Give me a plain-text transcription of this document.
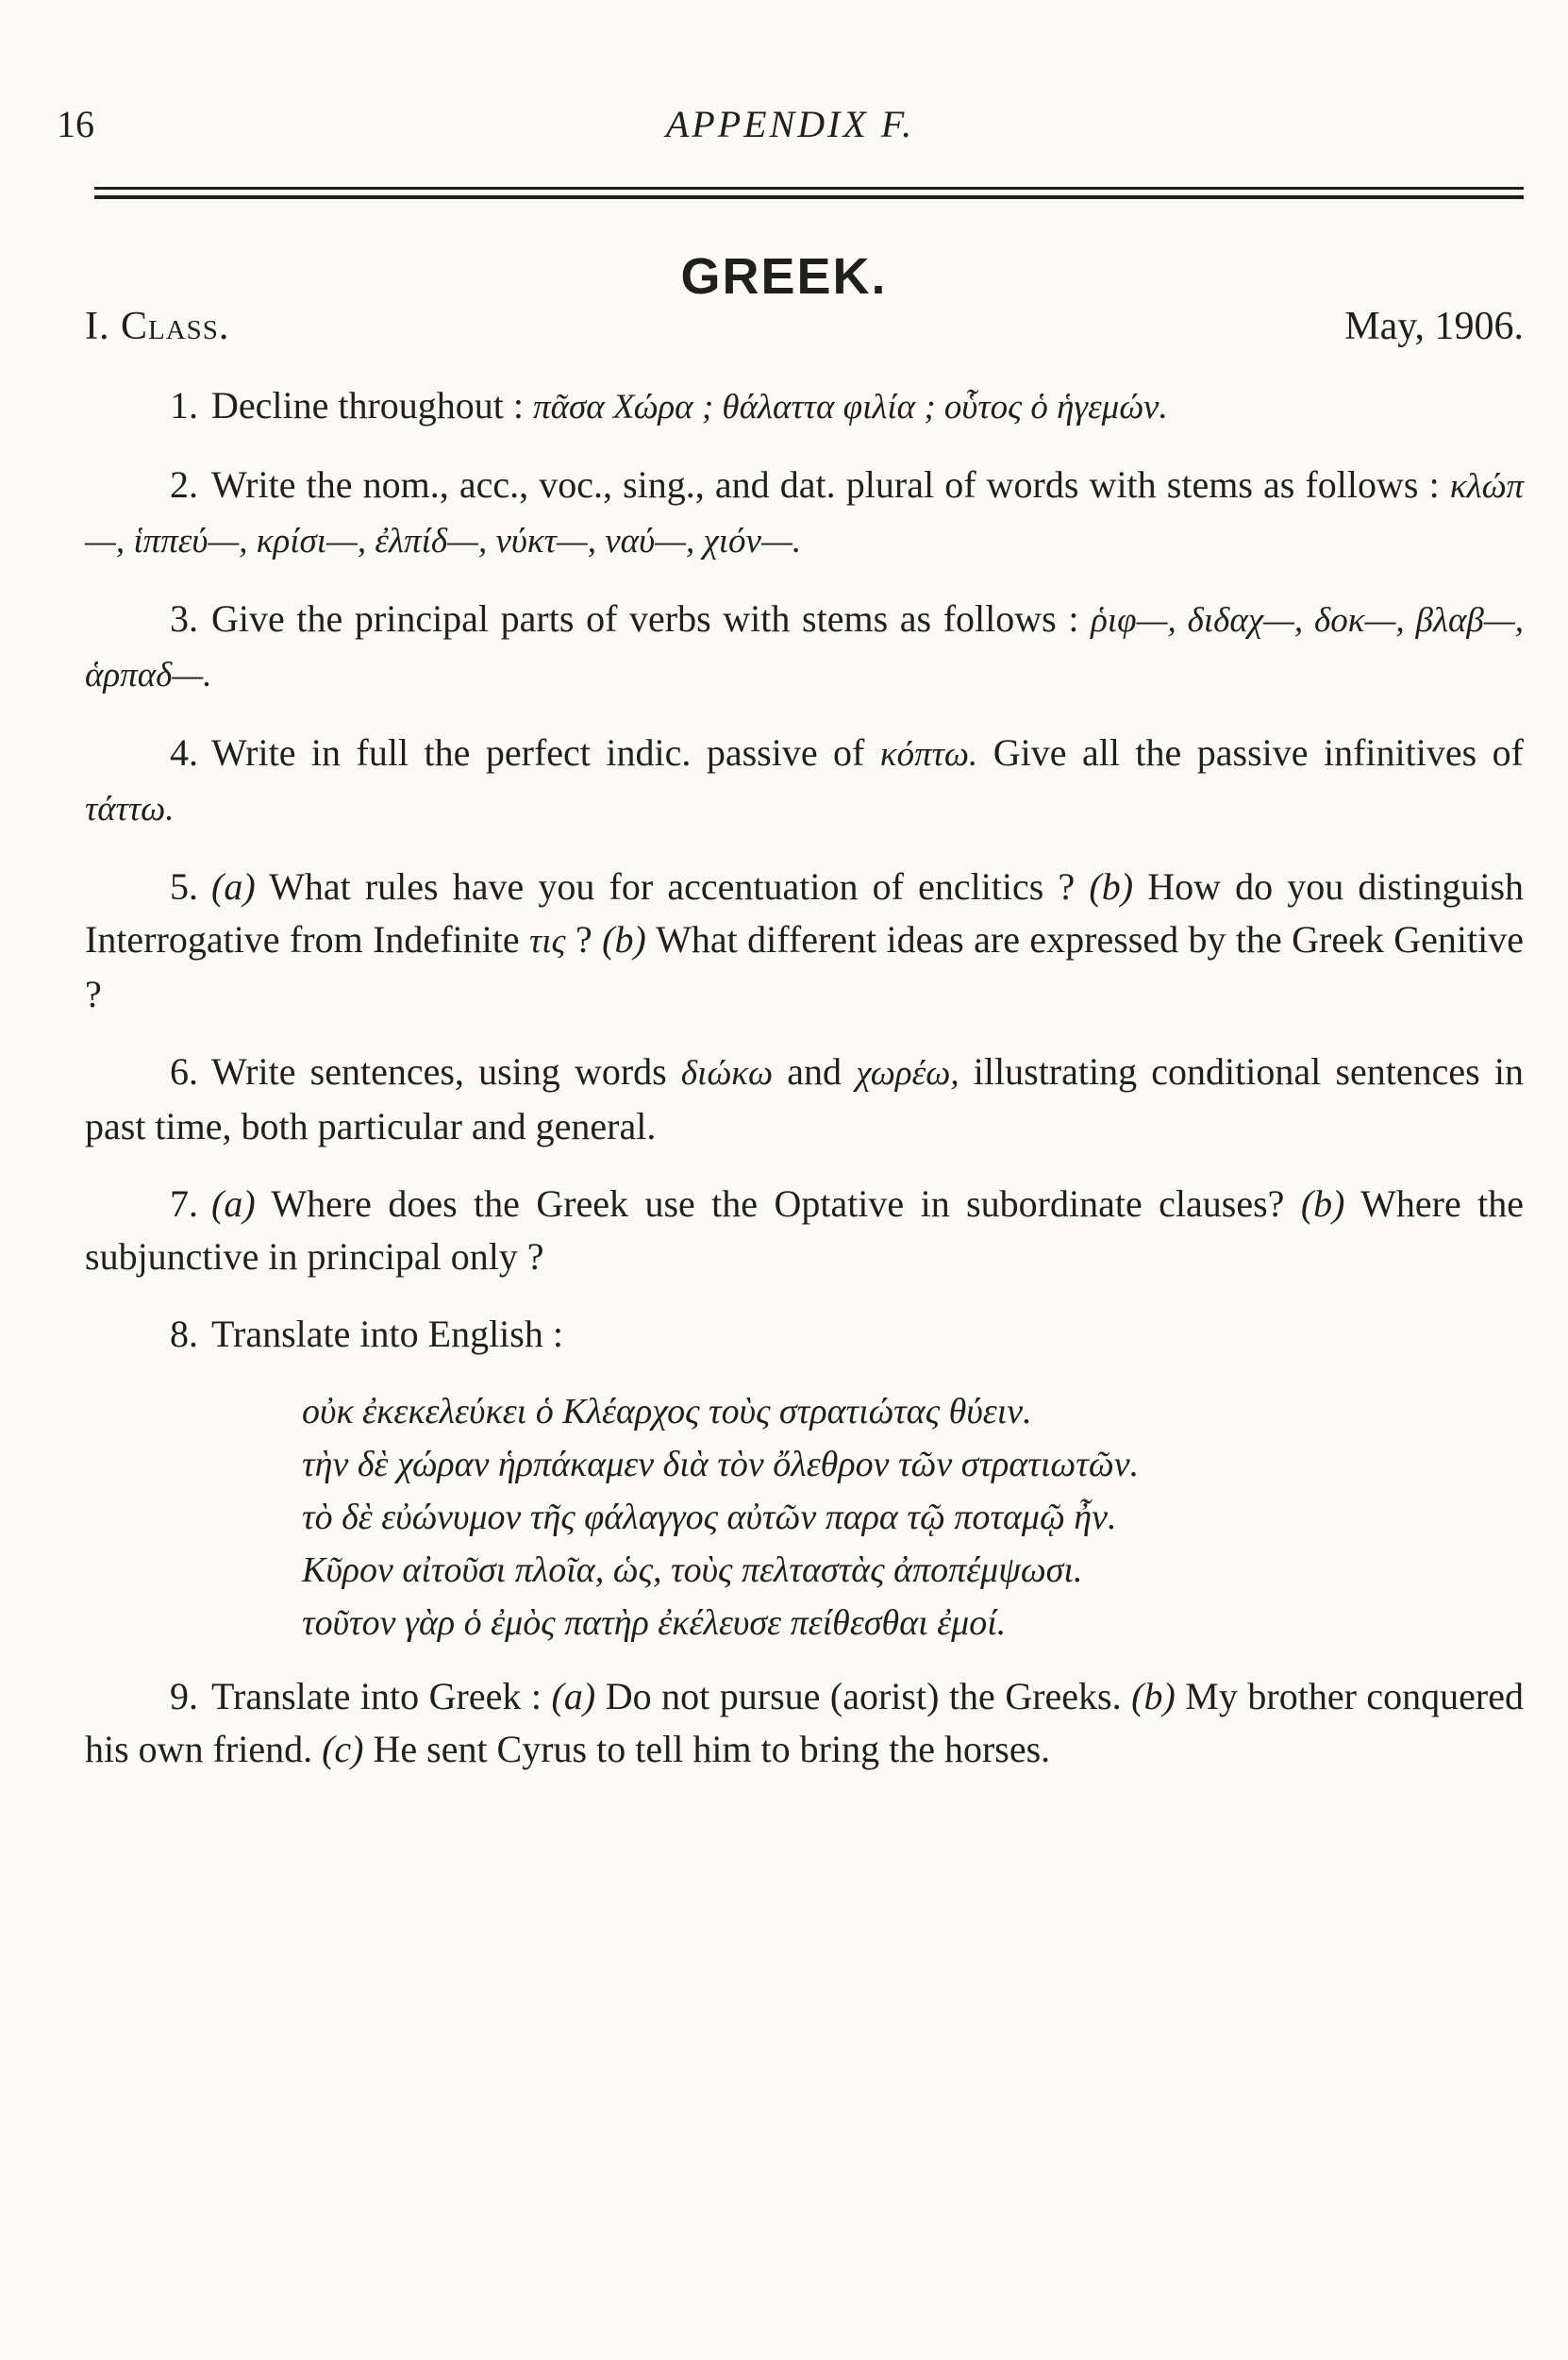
16	APPENDIX F.
GREEK.
I. Class.	May, 1906.

1. Decline throughout : πᾶσα Χώρα ; θάλαττα φιλία ; οὗτος ὁ ἡγεμών.

2. Write the nom., acc., voc., sing., and dat. plural of words with stems as follows : κλώπ—, ἱππεύ—, κρίσι—, ἐλπίδ—, νύκτ—, ναύ—, χιόν—.

3. Give the principal parts of verbs with stems as follows : ῥιφ—, διδαχ—, δοκ—, βλαβ—, ἁρπαδ—.

4. Write in full the perfect indic. passive of κόπτω. Give all the passive infinitives of τάττω.

5. (a) What rules have you for accentuation of enclitics ? (b) How do you distinguish Interrogative from Indefinite τις ? (b) What different ideas are expressed by the Greek Genitive ?

6. Write sentences, using words διώκω and χωρέω, illustrating conditional sentences in past time, both particular and general.

7. (a) Where does the Greek use the Optative in subordinate clauses? (b) Where the subjunctive in principal only ?

8. Translate into English :

οὐκ ἐκεκελεύκει ὁ Κλέαρχος τοὺς στρατιώτας θύειν.
τὴν δὲ χώραν ἡρπάκαμεν διὰ τὸν ὄλεθρον τῶν στρατιωτῶν.
τὸ δὲ εὐώνυμον τῆς φάλαγγος αὐτῶν παρα τῷ ποταμῷ ἦν.
Κῦρον αἰτοῦσι πλοῖα, ὡς, τοὺς πελταστὰς ἀποπέμψωσι.
τοῦτον γὰρ ὁ ἐμὸς πατὴρ ἐκέλευσε πείθεσθαι ἐμοί.

9. Translate into Greek : (a) Do not pursue (aorist) the Greeks. (b) My brother conquered his own friend. (c) He sent Cyrus to tell him to bring the horses.
